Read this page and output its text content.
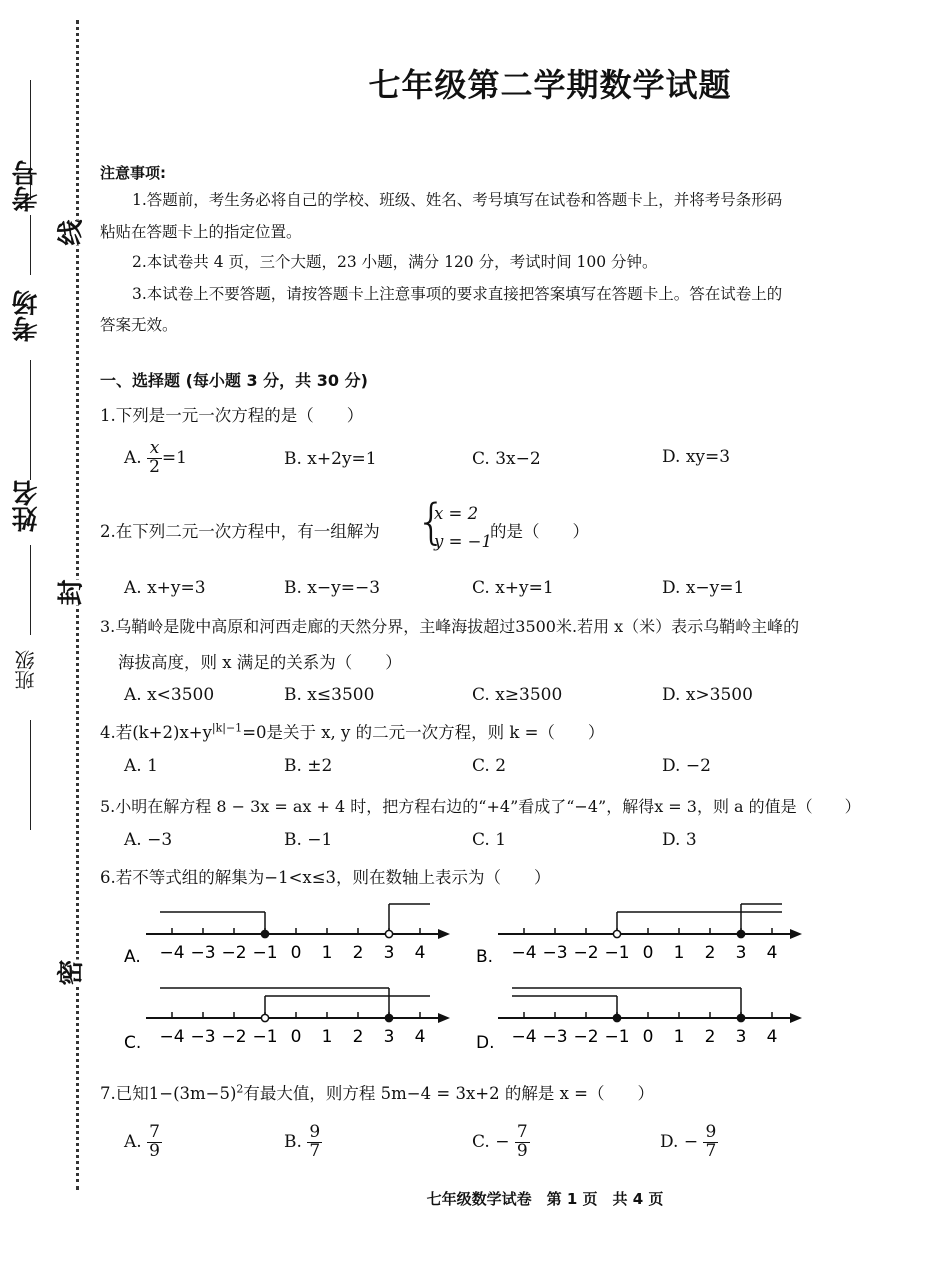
考号
考场
姓名
班级
线
封
密
七年级第二学期数学试题
注意事项:
1.答题前，考生务必将自己的学校、班级、姓名、考号填写在试卷和答题卡上，并将考号条形码
粘贴在答题卡上的指定位置。
2.本试卷共 4 页，三个大题，23 小题，满分 120 分，考试时间 100 分钟。
3.本试卷上不要答题，请按答题卡上注意事项的要求直接把答案填写在答题卡上。答在试卷上的
答案无效。
一、选择题 (每小题 3 分，共 30 分)
1.下列是一元一次方程的是（　　）
A. $\frac{x}{2} =1$	B. x+2y=1	C. 3x−2	D. xy=3
2.在下列二元一次方程中，有一组解为 {
x = 2
y = −1
的是（　　）
A. x+y=3	B. x−y=−3	C. x+y=1	D. x−y=1
3.乌鞘岭是陇中高原和河西走廊的天然分界，主峰海拔超过3500米.若用 x（米）表示乌鞘岭主峰的
海拔高度，则 x 满足的关系为（　　）
A. x<3500	B. x≤3500	C. x≥3500	D. x>3500
4.若$(k+2)x+y^{|k|-1}=0$是关于 x, y 的二元一次方程，则 k =（　　）
A. 1	B. ±2	C. 2	D. −2
5.小明在解方程 8 − 3x = ax + 4 时，把方程右边的“+4”看成了“−4”，解得x = 3，则 a 的值是（　　）
A. −3	B. −1	C. 1	D. 3
6.若不等式组的解集为−1<x≤3，则在数轴上表示为（　　）
A. −4 −3 −2 −1 0 1 2 3 4	B. −4 −3 −2 −1 0 1 2 3 4
C. −4 −3 −2 −1 0 1 2 3 4	D. −4 −3 −2 −1 0 1 2 3 4
7.已知$1-(3m-5)^2$有最大值，则方程 5m−4 = 3x+2 的解是 x =（　　）
A. $\frac{7}{9}$	B. $\frac{9}{7}$	C. − $\frac{7}{9}$	D. − $\frac{9}{7}$
七年级数学试卷　第 1 页　共 4 页
